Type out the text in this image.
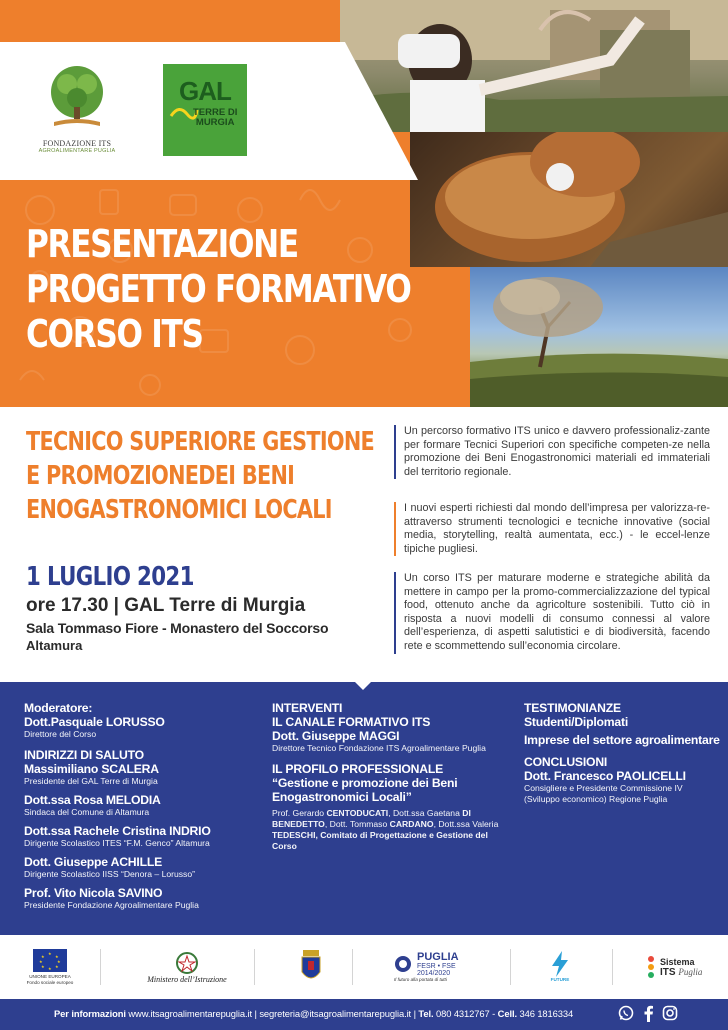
FONDAZIONE ITS
AGROALIMENTARE PUGLIA
GAL
TERRE DI
MURGIA
PRESENTAZIONE
PROGETTO FORMATIVO
CORSO ITS
TECNICO SUPERIORE GESTIONE
E PROMOZIONEDEI BENI
ENOGASTRONOMICI LOCALI
1 LUGLIO 2021
ore 17.30 | GAL Terre di Murgia
Sala Tommaso Fiore - Monastero del Soccorso
Altamura
Un percorso formativo ITS unico e davvero professionaliz-zante per formare Tecnici Superiori con specifiche competen-ze nella promozione dei Beni Enogastronomici materiali ed immateriali del territorio regionale.
I nuovi esperti richiesti dal mondo dell’impresa per valorizza-re- attraverso strumenti tecnologici e tecniche innovative (social media, storytelling, realtà aumentata, ecc.) - le eccel-lenze tipiche pugliesi.
Un corso ITS per maturare moderne e strategiche abilità da mettere in campo per la promo-commercializzazione del typical food, ottenuto anche da agricolture sostenibili. Tutto ciò in risposta a nuovi modelli di consumo connessi al valore dell’esperienza, di aspetti salutistici e di biodiversità, facendo rete e scommettendo sull’economia circolare.
Moderatore:
Dott.Pasquale LORUSSO
Direttore del Corso
INDIRIZZI DI SALUTO
Massimiliano SCALERA
Presidente del GAL Terre di Murgia
Dott.ssa Rosa MELODIA
Sindaca del Comune di Altamura
Dott.ssa Rachele Cristina INDRIO
Dirigente Scolastico ITES “F.M. Genco” Altamura
Dott. Giuseppe ACHILLE
Dirigente Scolastico IISS “Denora – Lorusso”
Prof. Vito Nicola SAVINO
Presidente Fondazione Agroalimentare Puglia
INTERVENTI
IL CANALE FORMATIVO ITS
Dott. Giuseppe MAGGI
Direttore Tecnico Fondazione ITS Agroalimentare Puglia
IL PROFILO PROFESSIONALE
“Gestione e promozione dei Beni Enogastronomici Locali”
Prof. Gerardo CENTODUCATI, Dott.ssa Gaetana DI BENEDETTO, Dott. Tommaso CARDANO, Dott.ssa Valeria TEDESCHI, Comitato di Progettazione e Gestione del Corso
TESTIMONIANZE
Studenti/Diplomati
Imprese del settore agroalimentare
CONCLUSIONI
Dott. Francesco PAOLICELLI
Consigliere e Presidente Commissione IV (Sviluppo economico) Regione Puglia
★
★
★
★
★
★
★
★
UNIONE EUROPEA
Fondo sociale europeo	Ministero dell’Istruzione
PUGLIA
FESR • FSE
2014/2020
Il futuro alla portata di tutti	FUTURE
Sistema
ITS Puglia
Per informazioni www.itsagroalimentarepuglia.it | segreteria@itsagroalimentarepuglia.it | Tel. 080 4312767 - Cell. 346 1816334
